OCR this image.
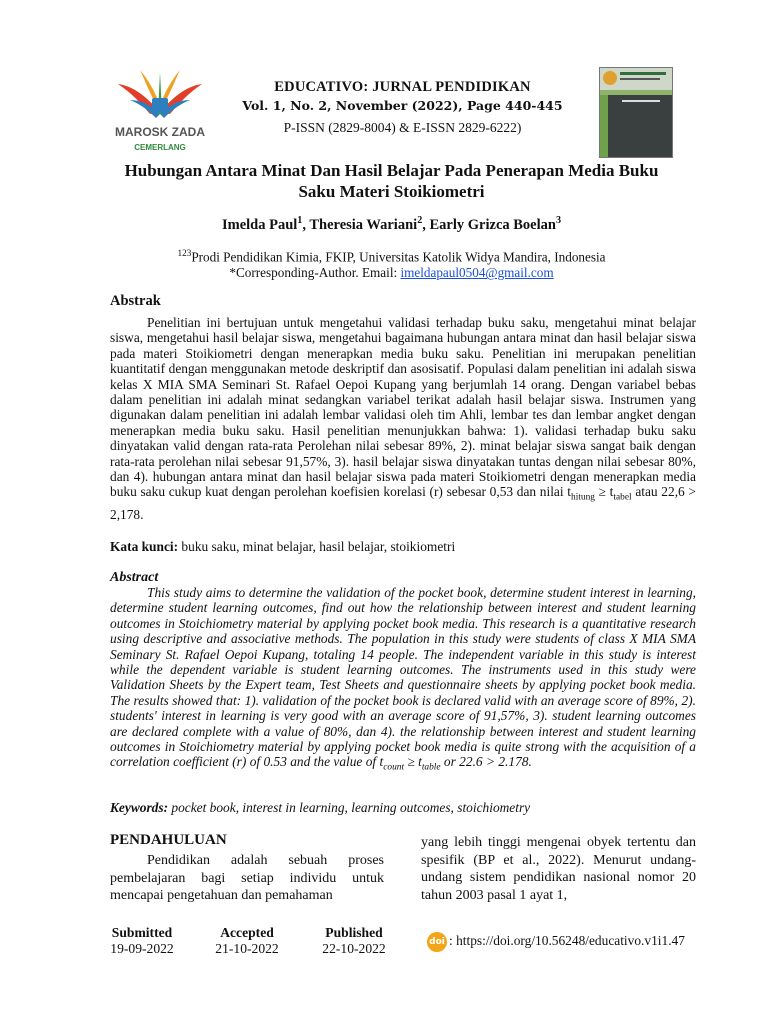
MAROSK ZADA
CEMERLANG
EDUCATIVO: JURNAL PENDIDIKAN
Vol. 1, No. 2, November (2022), Page 440-445
P-ISSN (2829-8004) & E-ISSN 2829-6222)
Hubungan Antara Minat Dan Hasil Belajar Pada Penerapan Media Buku
Saku Materi Stoikiometri
Imelda Paul$^1$, Theresia Wariani$^2$, Early Grizca Boelan$^3$
$^{123}$Prodi Pendidikan Kimia, FKIP, Universitas Katolik Widya Mandira, Indonesia
*Corresponding-Author. Email: imeldapaul0504@gmail.com
Abstrak
Penelitian ini bertujuan untuk mengetahui validasi terhadap buku saku, mengetahui minat belajar siswa, mengetahui hasil belajar siswa, mengetahui bagaimana hubungan antara minat dan hasil belajar siswa pada materi Stoikiometri dengan menerapkan media buku saku. Penelitian ini merupakan penelitian kuantitatif dengan menggunakan metode deskriptif dan asosisatif. Populasi dalam penelitian ini adalah siswa kelas X MIA SMA Seminari St. Rafael Oepoi Kupang yang berjumlah 14 orang. Dengan variabel bebas dalam penelitian ini adalah minat sedangkan variabel terikat adalah hasil belajar siswa. Instrumen yang digunakan dalam penelitian ini adalah lembar validasi oleh tim Ahli, lembar tes dan lembar angket dengan menerapkan media buku saku. Hasil penelitian menunjukkan bahwa: 1). validasi terhadap buku saku dinyatakan valid dengan rata-rata Perolehan nilai sebesar 89%, 2). minat belajar siswa sangat baik dengan rata-rata perolehan nilai sebesar 91,57%, 3). hasil belajar siswa dinyatakan tuntas dengan nilai sebesar 80%, dan 4). hubungan antara minat dan hasil belajar siswa pada materi Stoikiometri dengan menerapkan media buku saku cukup kuat dengan perolehan koefisien korelasi (r) sebesar 0,53 dan nilai $t_{hitung} \ge t_{tabel}$ atau 22,6 > 2,178.
Kata kunci: buku saku, minat belajar, hasil belajar, stoikiometri
Abstract
This study aims to determine the validation of the pocket book, determine student interest in learning, determine student learning outcomes, find out how the relationship between interest and student learning outcomes in Stoichiometry material by applying pocket book media. This research is a quantitative research using descriptive and associative methods. The population in this study were students of class X MIA SMA Seminary St. Rafael Oepoi Kupang, totaling 14 people. The independent variable in this study is interest while the dependent variable is student learning outcomes. The instruments used in this study were Validation Sheets by the Expert team, Test Sheets and questionnaire sheets by applying pocket book media. The results showed that: 1). validation of the pocket book is declared valid with an average score of 89%, 2). students' interest in learning is very good with an average score of 91,57%, 3). student learning outcomes are declared complete with a value of 80%, dan 4). the relationship between interest and student learning outcomes in Stoichiometry material by applying pocket book media is quite strong with the acquisition of a correlation coefficient (r) of 0.53 and the value of $t_{count} \ge t_{table}$ or 22.6 > 2.178.
Keywords: pocket book, interest in learning, learning outcomes, stoichiometry
PENDAHULUAN
Pendidikan adalah sebuah proses pembelajaran bagi setiap individu untuk mencapai pengetahuan dan pemahaman
yang lebih tinggi mengenai obyek tertentu dan spesifik (BP et al., 2022). Menurut undang-undang sistem pendidikan nasional nomor 20 tahun 2003 pasal 1 ayat 1,
Submitted
19-09-2022
Accepted
21-10-2022
Published
22-10-2022	doi : https://doi.org/10.56248/educativo.v1i1.47
